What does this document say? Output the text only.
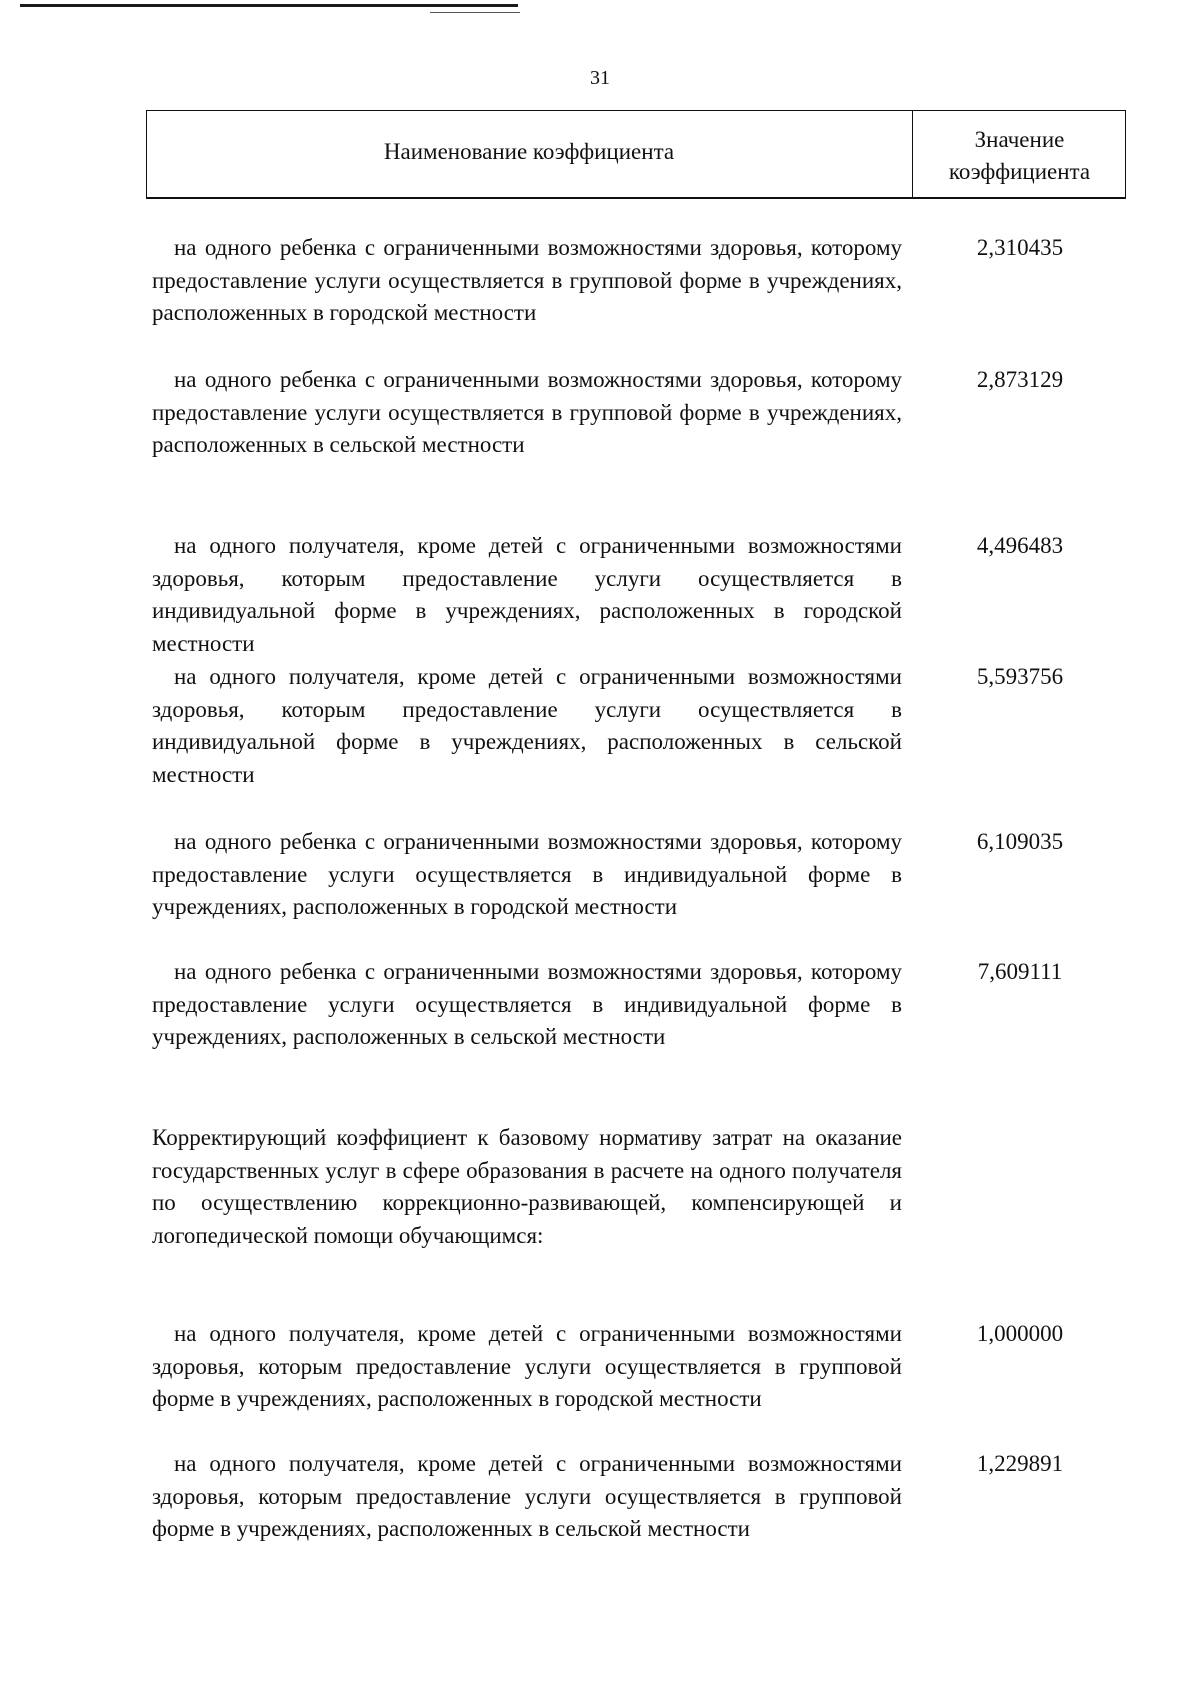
31
Наименование коэффициента	Значение
коэффициента
на одного ребенка с ограниченными возможностями здоровья, которому предоставление услуги осуществляется в групповой форме в учреждениях, расположенных в городской местности
2,310435
на одного ребенка с ограниченными возможностями здоровья, которому предоставление услуги осуществляется в групповой форме в учреждениях, расположенных в сельской местности
2,873129
на одного получателя, кроме детей с ограниченными возможностями здоровья, которым предоставление услуги осуществляется в индивидуальной форме в учреждениях, расположенных в городской местности
4,496483
на одного получателя, кроме детей с ограниченными возможностями здоровья, которым предоставление услуги осуществляется в индивидуальной форме в учреждениях, расположенных в сельской местности
5,593756
на одного ребенка с ограниченными возможностями здоровья, которому предоставление услуги осуществляется в индивидуальной форме в учреждениях, расположенных в городской местности
6,109035
на одного ребенка с ограниченными возможностями здоровья, которому предоставление услуги осуществляется в индивидуальной форме в учреждениях, расположенных в сельской местности
7,609111
Корректирующий коэффициент к базовому нормативу затрат на оказание государственных услуг в сфере образования в расчете на одного получателя по осуществлению коррекционно-развивающей, компенсирующей и логопедической помощи обучающимся:
на одного получателя, кроме детей с ограниченными возможностями здоровья, которым предоставление услуги осуществляется в групповой форме в учреждениях, расположенных в городской местности
1,000000
на одного получателя, кроме детей с ограниченными возможностями здоровья, которым предоставление услуги осуществляется в групповой форме в учреждениях, расположенных в сельской местности
1,229891
